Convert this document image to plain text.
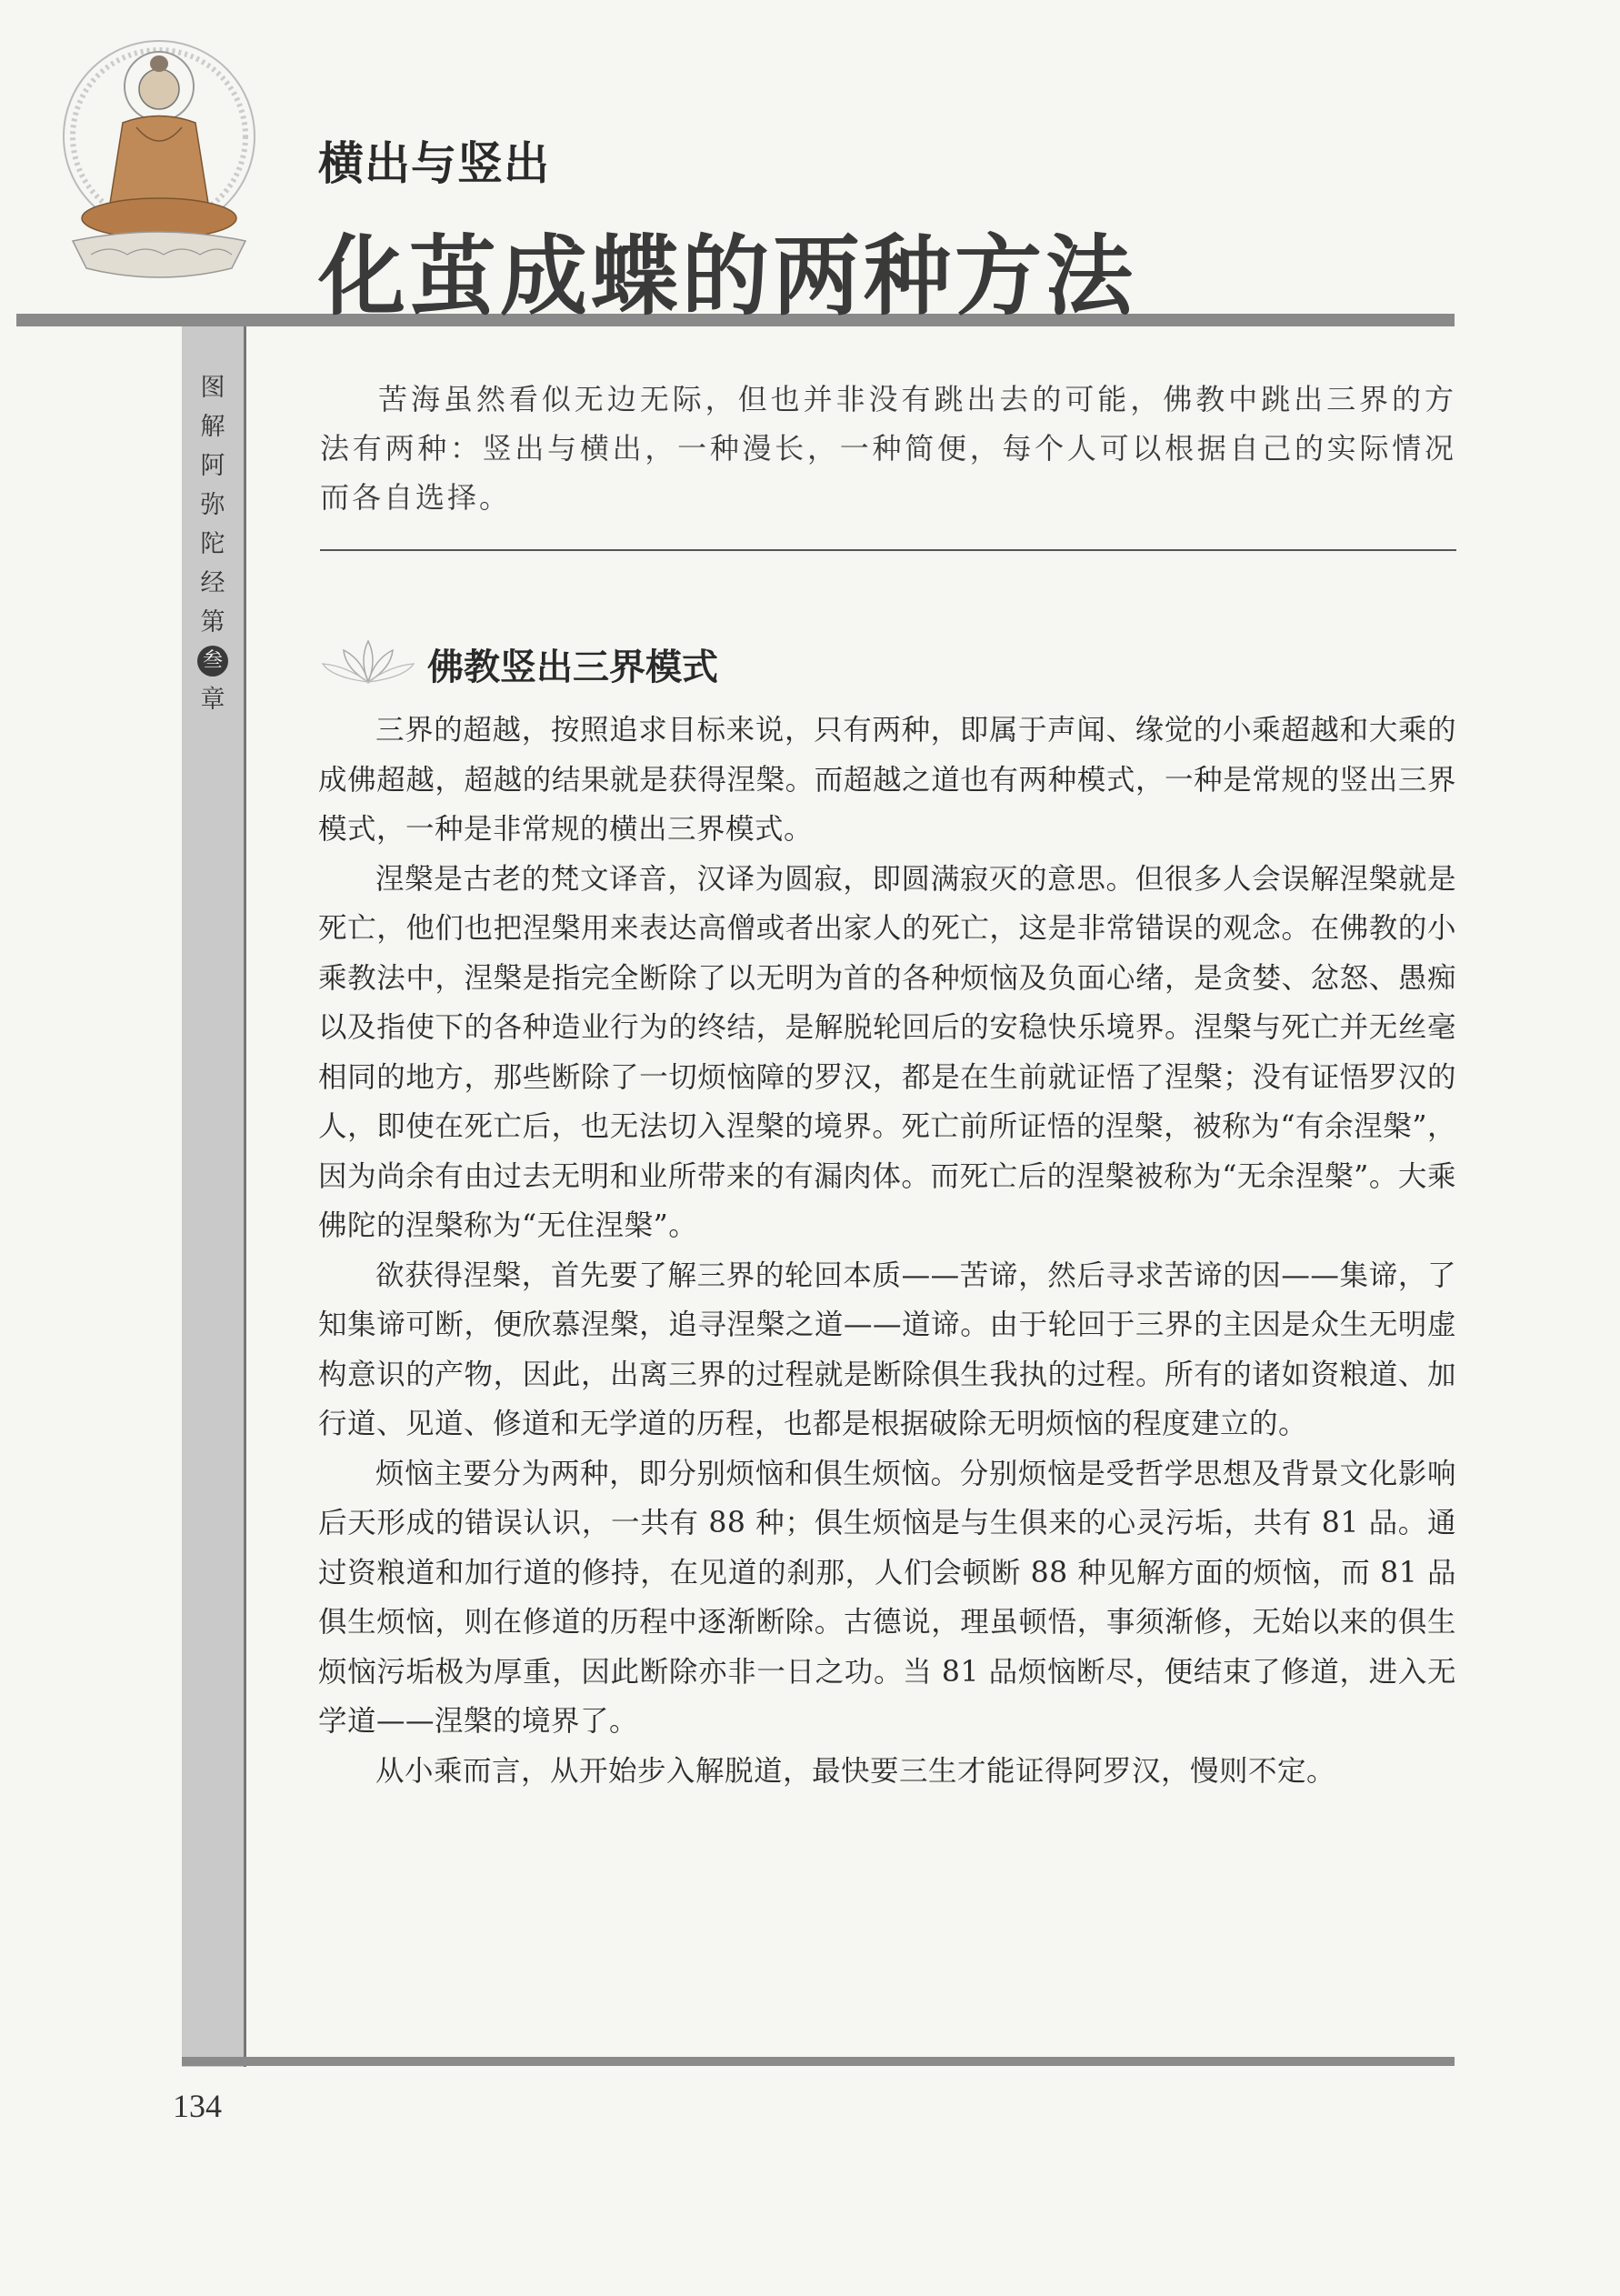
图
解
阿
弥
陀
经
第
叁
章
横出与竖出
化茧成蝶的两种方法

苦海虽然看似无边无际，但也并非没有跳出去的可能，佛教中跳出三界的方法有两种：竖出与横出，一种漫长，一种简便，每个人可以根据自己的实际情况而各自选择。

佛教竖出三界模式

三界的超越，按照追求目标来说，只有两种，即属于声闻、缘觉的小乘超越和大乘的成佛超越，超越的结果就是获得涅槃。而超越之道也有两种模式，一种是常规的竖出三界模式，一种是非常规的横出三界模式。

涅槃是古老的梵文译音，汉译为圆寂，即圆满寂灭的意思。但很多人会误解涅槃就是死亡，他们也把涅槃用来表达高僧或者出家人的死亡，这是非常错误的观念。在佛教的小乘教法中，涅槃是指完全断除了以无明为首的各种烦恼及负面心绪，是贪婪、忿怒、愚痴以及指使下的各种造业行为的终结，是解脱轮回后的安稳快乐境界。涅槃与死亡并无丝毫相同的地方，那些断除了一切烦恼障的罗汉，都是在生前就证悟了涅槃；没有证悟罗汉的人，即使在死亡后，也无法切入涅槃的境界。死亡前所证悟的涅槃，被称为“有余涅槃”，因为尚余有由过去无明和业所带来的有漏肉体。而死亡后的涅槃被称为“无余涅槃”。大乘佛陀的涅槃称为“无住涅槃”。

欲获得涅槃，首先要了解三界的轮回本质——苦谛，然后寻求苦谛的因——集谛，了知集谛可断，便欣慕涅槃，追寻涅槃之道——道谛。由于轮回于三界的主因是众生无明虚构意识的产物，因此，出离三界的过程就是断除俱生我执的过程。所有的诸如资粮道、加行道、见道、修道和无学道的历程，也都是根据破除无明烦恼的程度建立的。

烦恼主要分为两种，即分别烦恼和俱生烦恼。分别烦恼是受哲学思想及背景文化影响后天形成的错误认识，一共有 88 种；俱生烦恼是与生俱来的心灵污垢，共有 81 品。通过资粮道和加行道的修持，在见道的刹那，人们会顿断 88 种见解方面的烦恼，而 81 品俱生烦恼，则在修道的历程中逐渐断除。古德说，理虽顿悟，事须渐修，无始以来的俱生烦恼污垢极为厚重，因此断除亦非一日之功。当 81 品烦恼断尽，便结束了修道，进入无学道——涅槃的境界了。

从小乘而言，从开始步入解脱道，最快要三生才能证得阿罗汉，慢则不定。

134
